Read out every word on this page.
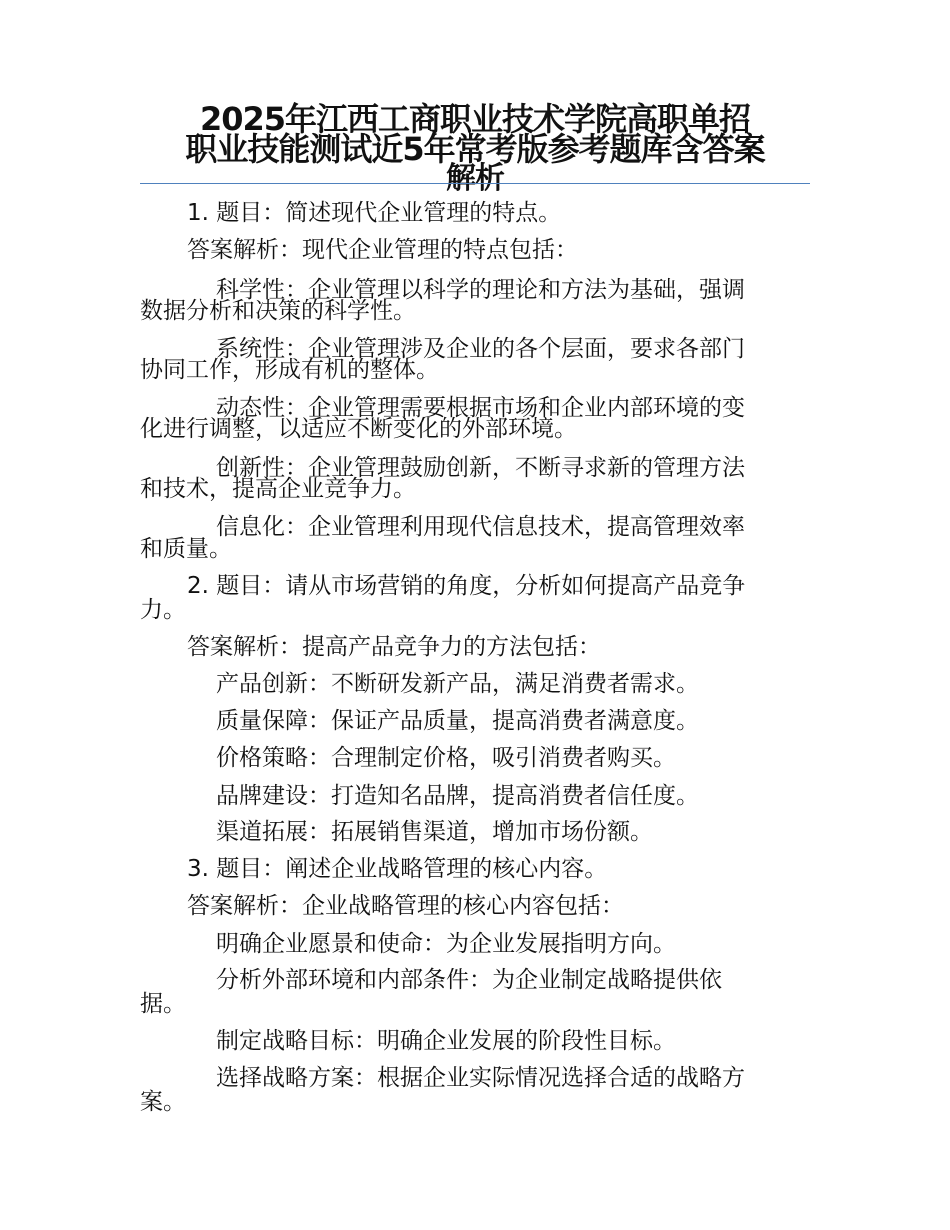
2025年江西工商职业技术学院高职单招
职业技能测试近5年常考版参考题库含答案
解析
1. 题目：简述现代企业管理的特点。
答案解析：现代企业管理的特点包括：
科学性：企业管理以科学的理论和方法为基础，强调
数据分析和决策的科学性。
系统性：企业管理涉及企业的各个层面，要求各部门
协同工作，形成有机的整体。
动态性：企业管理需要根据市场和企业内部环境的变
化进行调整，以适应不断变化的外部环境。
创新性：企业管理鼓励创新，不断寻求新的管理方法
和技术，提高企业竞争力。
信息化：企业管理利用现代信息技术，提高管理效率
和质量。
2. 题目：请从市场营销的角度，分析如何提高产品竞争
力。
答案解析：提高产品竞争力的方法包括：
产品创新：不断研发新产品，满足消费者需求。
质量保障：保证产品质量，提高消费者满意度。
价格策略：合理制定价格，吸引消费者购买。
品牌建设：打造知名品牌，提高消费者信任度。
渠道拓展：拓展销售渠道，增加市场份额。
3. 题目：阐述企业战略管理的核心内容。
答案解析：企业战略管理的核心内容包括：
明确企业愿景和使命：为企业发展指明方向。
分析外部环境和内部条件：为企业制定战略提供依
据。
制定战略目标：明确企业发展的阶段性目标。
选择战略方案：根据企业实际情况选择合适的战略方
案。
